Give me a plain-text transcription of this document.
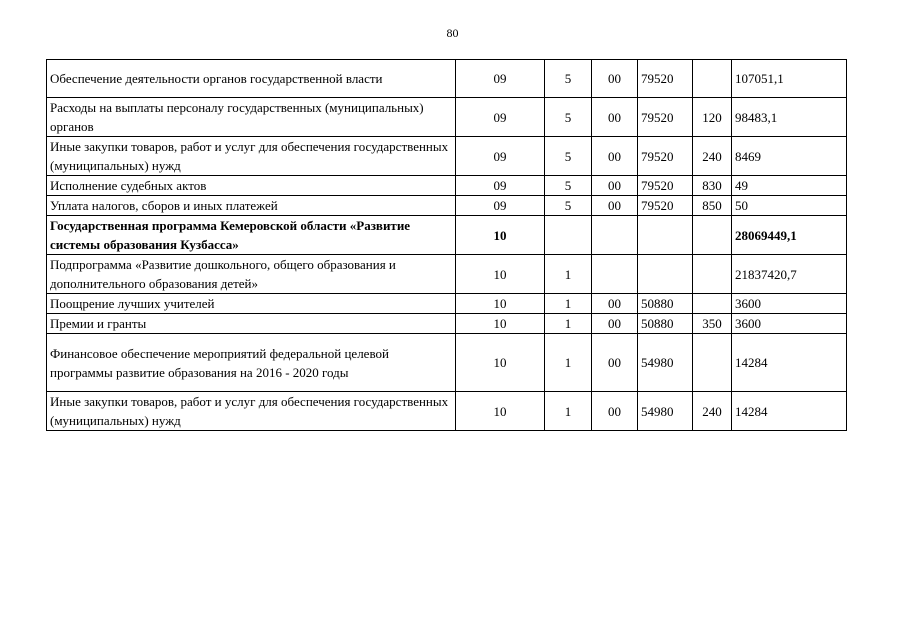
80
Обеспечение деятельности органов государственной власти	09	5	00	79520		107051,1
Расходы на выплаты персоналу государственных (муниципальных) органов	09	5	00	79520	120	98483,1
Иные закупки товаров, работ и услуг для обеспечения государственных (муниципальных) нужд	09	5	00	79520	240	8469
Исполнение судебных актов	09	5	00	79520	830	49
Уплата налогов, сборов и иных платежей	09	5	00	79520	850	50
Государственная программа Кемеровской области «Развитие системы образования Кузбасса»	10					28069449,1
Подпрограмма «Развитие дошкольного, общего образования и дополнительного образования детей»	10	1				21837420,7
Поощрение лучших учителей	10	1	00	50880		3600
Премии и гранты	10	1	00	50880	350	3600
Финансовое обеспечение мероприятий федеральной целевой программы развитие образования на 2016 - 2020 годы	10	1	00	54980		14284
Иные закупки товаров, работ и услуг для обеспечения государственных (муниципальных) нужд	10	1	00	54980	240	14284
